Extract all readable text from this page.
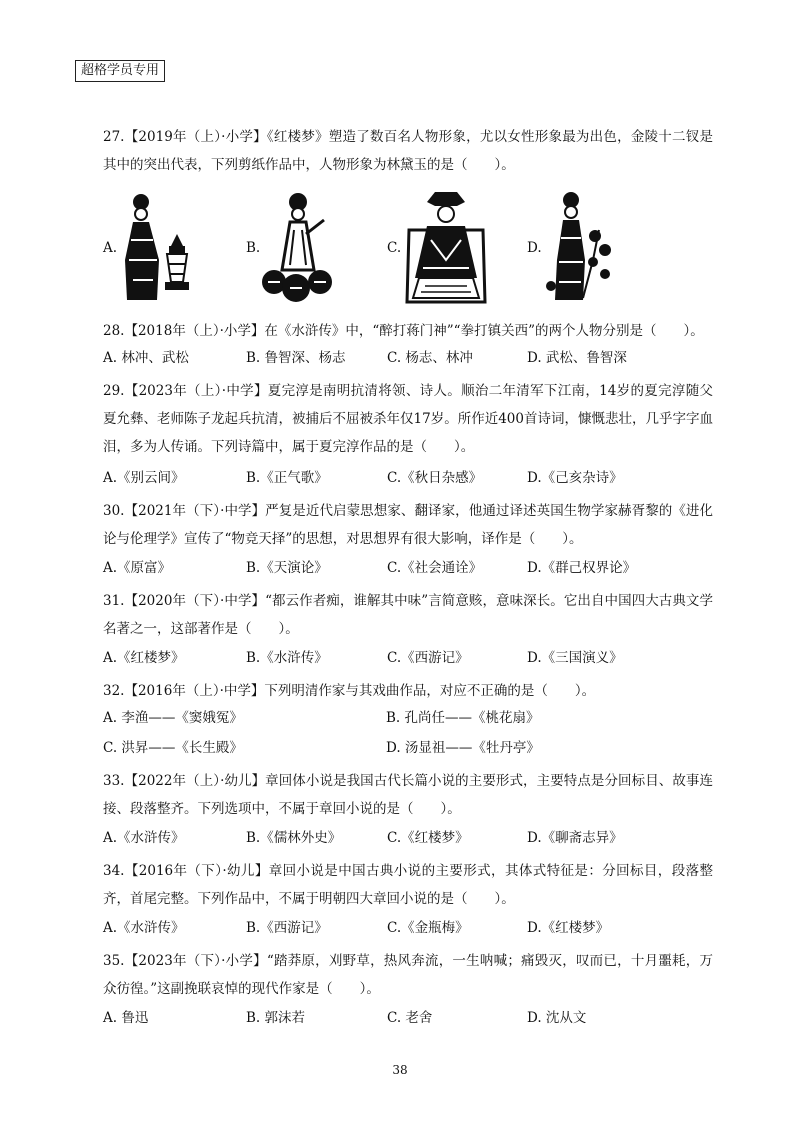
超格学员专用
27.【2019年（上）·小学】《红楼梦》塑造了数百名人物形象，尤以女性形象最为出色，金陵十二钗是其中的突出代表，下列剪纸作品中，人物形象为林黛玉的是（　　）。
A.	B.	C.	D.
28.【2018年（上）·小学】在《水浒传》中，“醉打蒋门神”“拳打镇关西”的两个人物分别是（　　）。
A. 林冲、武松	B. 鲁智深、杨志	C. 杨志、林冲	D. 武松、鲁智深
29.【2023年（上）·中学】夏完淳是南明抗清将领、诗人。顺治二年清军下江南，14岁的夏完淳随父夏允彝、老师陈子龙起兵抗清，被捕后不屈被杀年仅17岁。所作近400首诗词，慷慨悲壮，几乎字字血泪，多为人传诵。下列诗篇中，属于夏完淳作品的是（　　）。
A.《别云间》	B.《正气歌》	C.《秋日杂感》	D.《己亥杂诗》
30.【2021年（下）·中学】严复是近代启蒙思想家、翻译家，他通过译述英国生物学家赫胥黎的《进化论与伦理学》宣传了“物竞天择”的思想，对思想界有很大影响，译作是（　　）。
A.《原富》	B.《天演论》	C.《社会通诠》	D.《群己权界论》
31.【2020年（下）·中学】“都云作者痴，谁解其中味”言简意赅，意味深长。它出自中国四大古典文学名著之一，这部著作是（　　）。
A.《红楼梦》	B.《水浒传》	C.《西游记》	D.《三国演义》
32.【2016年（上）·中学】下列明清作家与其戏曲作品，对应不正确的是（　　）。
A. 李渔——《窦娥冤》	B. 孔尚任——《桃花扇》
C. 洪昇——《长生殿》	D. 汤显祖——《牡丹亭》
33.【2022年（上）·幼儿】章回体小说是我国古代长篇小说的主要形式，主要特点是分回标目、故事连接、段落整齐。下列选项中，不属于章回小说的是（　　）。
A.《水浒传》	B.《儒林外史》	C.《红楼梦》	D.《聊斋志异》
34.【2016年（下）·幼儿】章回小说是中国古典小说的主要形式，其体式特征是：分回标目，段落整齐，首尾完整。下列作品中，不属于明朝四大章回小说的是（　　）。
A.《水浒传》	B.《西游记》	C.《金瓶梅》	D.《红楼梦》
35.【2023年（下）·小学】“踏莽原，刈野草，热风奔流，一生呐喊；痛毁灭，叹而已，十月噩耗，万众彷徨。”这副挽联哀悼的现代作家是（　　）。
A. 鲁迅	B. 郭沫若	C. 老舍	D. 沈从文
38
